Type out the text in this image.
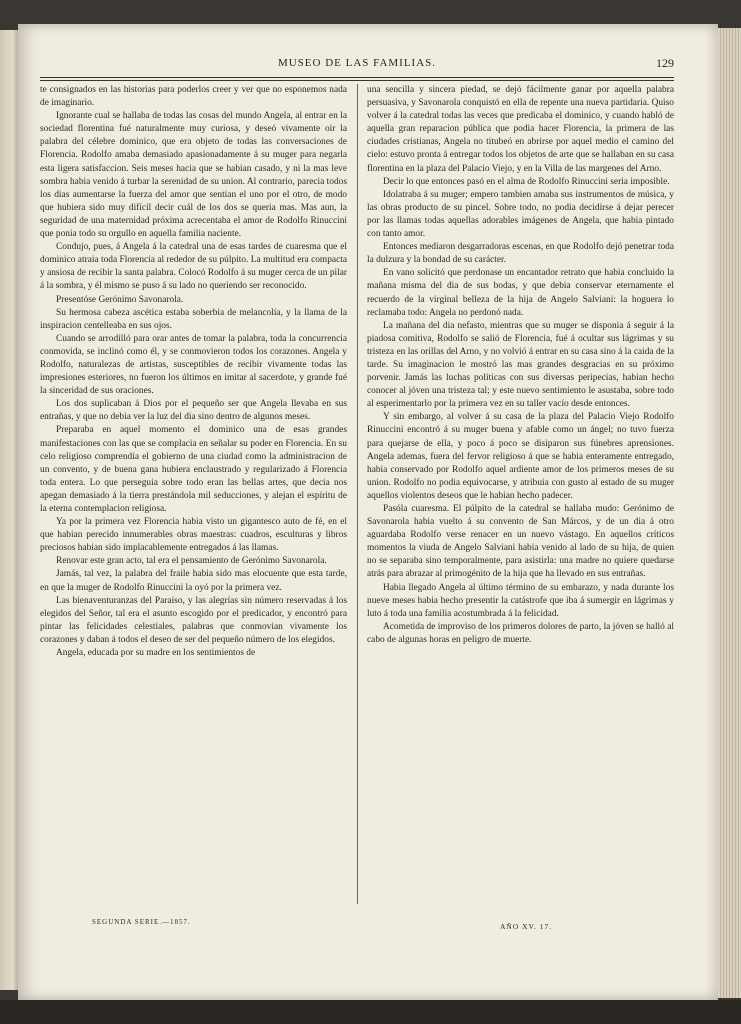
MUSEO DE LAS FAMILIAS.	129

te consignados en las historias para poderlos creer y ver que no esponemos nada de imaginario.

Ignorante cual se hallaba de todas las cosas del mundo Angela, al entrar en la sociedad florentina fué naturalmente muy curiosa, y deseó vivamente oir la palabra del célebre dominico, que era objeto de todas las conversaciones de Florencia. Rodolfo amaba demasiado apasionadamente á su muger para negarla esta ligera satisfaccion. Seis meses hacia que se habian casado, y ni la mas leve sombra habia venido á turbar la serenidad de su union. Al contrario, parecia todos los dias aumentarse la fuerza del amor que sentian el uno por el otro, de modo que hubiera sido muy difícil decir cuál de los dos se queria mas. Mas aun, la seguridad de una maternidad próxima acrecentaba el amor de Rodolfo Rinuccini que ponia todo su orgullo en aquella familia naciente.

Condujo, pues, á Angela á la catedral una de esas tardes de cuaresma que el dominico atraia toda Florencia al rededor de su púlpito. La multitud era compacta y ansiosa de recibir la santa palabra. Colocó Rodolfo á su muger cerca de un pilar á la sombra, y él mismo se puso á su lado no queriendo ser reconocido.

Presentóse Gerónimo Savonarola.

Su hermosa cabeza ascética estaba soberbia de melancolía, y la llama de la inspiracion centelleaba en sus ojos.

Cuando se arrodilló para orar antes de tomar la palabra, toda la concurrencia conmovida, se inclinó como él, y se conmovieron todos los corazones. Angela y Rodolfo, naturalezas de artistas, susceptibles de recibir vivamente todas las impresiones esteriores, no fueron los últimos en imitar al sacerdote, y grande fué la sinceridad de sus oraciones.

Los dos suplicaban á Dios por el pequeño ser que Angela llevaba en sus entrañas, y que no debia ver la luz del dia sino dentro de algunos meses.

Preparaba en aquel momento el dominico una de esas grandes manifestaciones con las que se complacia en señalar su poder en Florencia. En su celo religioso comprendía el gobierno de una ciudad como la administracion de un convento, y de buena gana hubiera enclaustrado y regularizado á Florencia toda entera. Lo que perseguia sobre todo eran las bellas artes, que decia nos apegan demasiado á la tierra prestándola mil seducciones, y alejan el espíritu de la eterna contemplacion religiosa.

Ya por la primera vez Florencia habia visto un gigantesco auto de fé, en el que habian perecido innumerables obras maestras: cuadros, esculturas y libros preciosos habian sido implacablemente entregados á las llamas.

Renovar este gran acto, tal era el pensamiento de Gerónimo Savonarola.

Jamás, tal vez, la palabra del fraile habia sido mas elocuente que esta tarde, en que la muger de Rodolfo Rinuccini la oyó por la primera vez.

Las bienaventuranzas del Paraiso, y las alegrías sin número reservadas á los elegidos del Señor, tal era el asunto escogido por el predicador, y encontró para pintar las felicidades celestiales, palabras que conmovian vivamente los corazones y daban á todos el deseo de ser del pequeño número de los elegidos.

Angela, educada por su madre en los sentimientos de

una sencilla y sincera piedad, se dejó fácilmente ganar por aquella palabra persuasiva, y Savonarola conquistó en ella de repente una nueva partidaria. Quiso volver á la catedral todas las veces que predicaba el dominico, y cuando habló de aquella gran reparacion pública que podia hacer Florencia, la primera de las ciudades cristianas, Angela no titubeó en abrirse por aquel medio el camino del cielo: estuvo pronta á entregar todos los objetos de arte que se hallaban en su casa florentina en la plaza del Palacio Viejo, y en la Villa de las margenes del Arno.

Decir lo que entonces pasó en el alma de Rodolfo Rinuccini seria imposible.

Idolatraba á su muger; empero tambien amaba sus instrumentos de música, y las obras producto de su pincel. Sobre todo, no podia decidirse á dejar perecer por las llamas todas aquellas adorables imágenes de Angela, que habia pintado con tanto amor.

Entonces mediaron desgarradoras escenas, en que Rodolfo dejó penetrar toda la dulzura y la bondad de su carácter.

En vano solicitó que perdonase un encantador retrato que habia concluido la mañana misma del dia de sus bodas, y que debia conservar eternamente el recuerdo de la virginal belleza de la hija de Angelo Salviani: la hoguera lo reclamaba todo: Angela no perdonó nada.

La mañana del dia nefasto, mientras que su muger se disponia á seguir á la piadosa comitiva, Rodolfo se salió de Florencia, fué á ocultar sus lágrimas y su tristeza en las orillas del Arno, y no volvió á entrar en su casa sino á la caida de la tarde. Su imaginacion le mostró las mas grandes desgracias en su próximo porvenir. Jamás las luchas políticas con sus diversas peripecias, habian hecho conocer al jóven una tristeza tal; y este nuevo sentimiento le asustaba, sobre todo al esperimentarlo por la primera vez en su taller vacío desde entonces.

Y sin embargo, al volver á su casa de la plaza del Palacio Viejo Rodolfo Rinuccini encontró á su muger buena y afable como un ángel; no tuvo fuerza para quejarse de ella, y poco á poco se disiparon sus fúnebres aprensiones. Angela ademas, fuera del fervor religioso á que se habia enteramente entregado, habia conservado por Rodolfo aquel ardiente amor de los primeros meses de su union. Rodolfo no podia equivocarse, y atribuia con gusto al estado de su muger aquellos violentos deseos que le habian hecho padecer.

Pasóla cuaresma. El púlpito de la catedral se hallaba mudo: Gerónimo de Savonarola habia vuelto á su convento de San Márcos, y de un dia á otro aguardaba Rodolfo verse renacer en un nuevo vástago. En aquellos críticos momentos la viuda de Angelo Salviani habia venido al lado de su hija, de quien no se separaba sino temporalmente, para asistirla: una madre no quiere quedarse atrás para abrazar al primogénito de la hija que ha llevado en sus entrañas.

Habia llegado Angela al último término de su embarazo, y nada durante los nueve meses habia hecho presentir la catástrofe que iba á sumergir en lágrimas y luto á toda una familia acostumbrada á la felicidad.

Acometida de improviso de los primeros dolores de parto, la jóven se halló al cabo de algunas horas en peligro de muerte.

SEGUNDA SERIE.—1857.	AÑO XV. 17.
